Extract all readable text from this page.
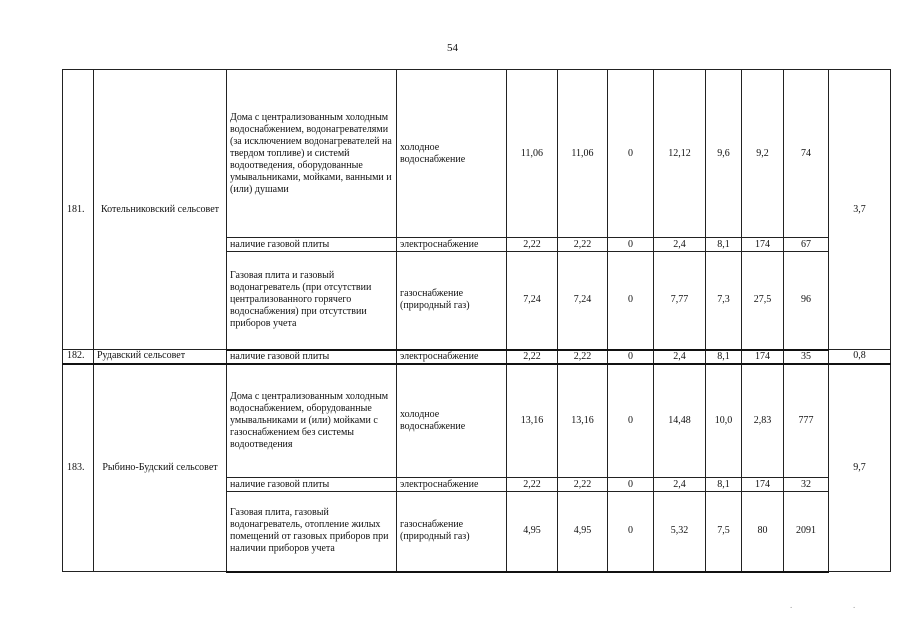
54
181.	Котельниковский сельсовет	Дома с централизованным холодным водоснабжением, водонагревателями (за исключением водонагревателей на твердом топливе) и системй водоотведения, оборудованные умывальниками, мойками, ванными и (или) душами	холодное водоснабжение	11,06	11,06	0	12,12	9,6	9,2	74	3,7
		наличие газовой плиты	электроснабжение	2,22	2,22	0	2,4	8,1	174	67	
		Газовая плита и газовый водонагреватель (при отсутствии централизованного горячего водоснабжения) при отсутствии приборов учета	газоснабжение (природный газ)	7,24	7,24	0	7,77	7,3	27,5	96	
182.	Рудавский сельсовет	наличие газовой плиты	электроснабжение	2,22	2,22	0	2,4	8,1	174	35	0,8
183.	Рыбино-Будский сельсовет	Дома с централизованным холодным водоснабжением, оборудованные умывальниками и (или) мойками с газоснабжением без системы водоотведения	холодное водоснабжение	13,16	13,16	0	14,48	10,0	2,83	777	9,7
		наличие газовой плиты	электроснабжение	2,22	2,22	0	2,4	8,1	174	32	
		Газовая плита, газовый водонагреватель, отопление жилых помещений от газовых приборов при наличии приборов учета	газоснабжение (природный газ)	4,95	4,95	0	5,32	7,5	80	2091	
.	.
